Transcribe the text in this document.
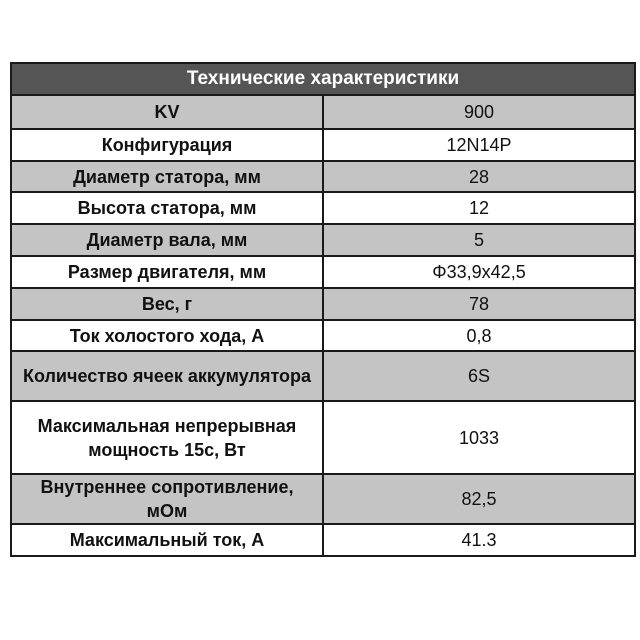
Технические характеристики	
KV	900
Конфигурация	12N14P
Диаметр статора, мм	28
Высота статора, мм	12
Диаметр вала, мм	5
Размер двигателя, мм	Φ33,9x42,5
Вес, г	78
Ток холостого хода, А	0,8
Количество ячеек аккумулятора	6S
Максимальная непрерывная мощность 15с, Вт	1033
Внутреннее сопротивление, мОм	82,5
Максимальный ток, А	41.3
